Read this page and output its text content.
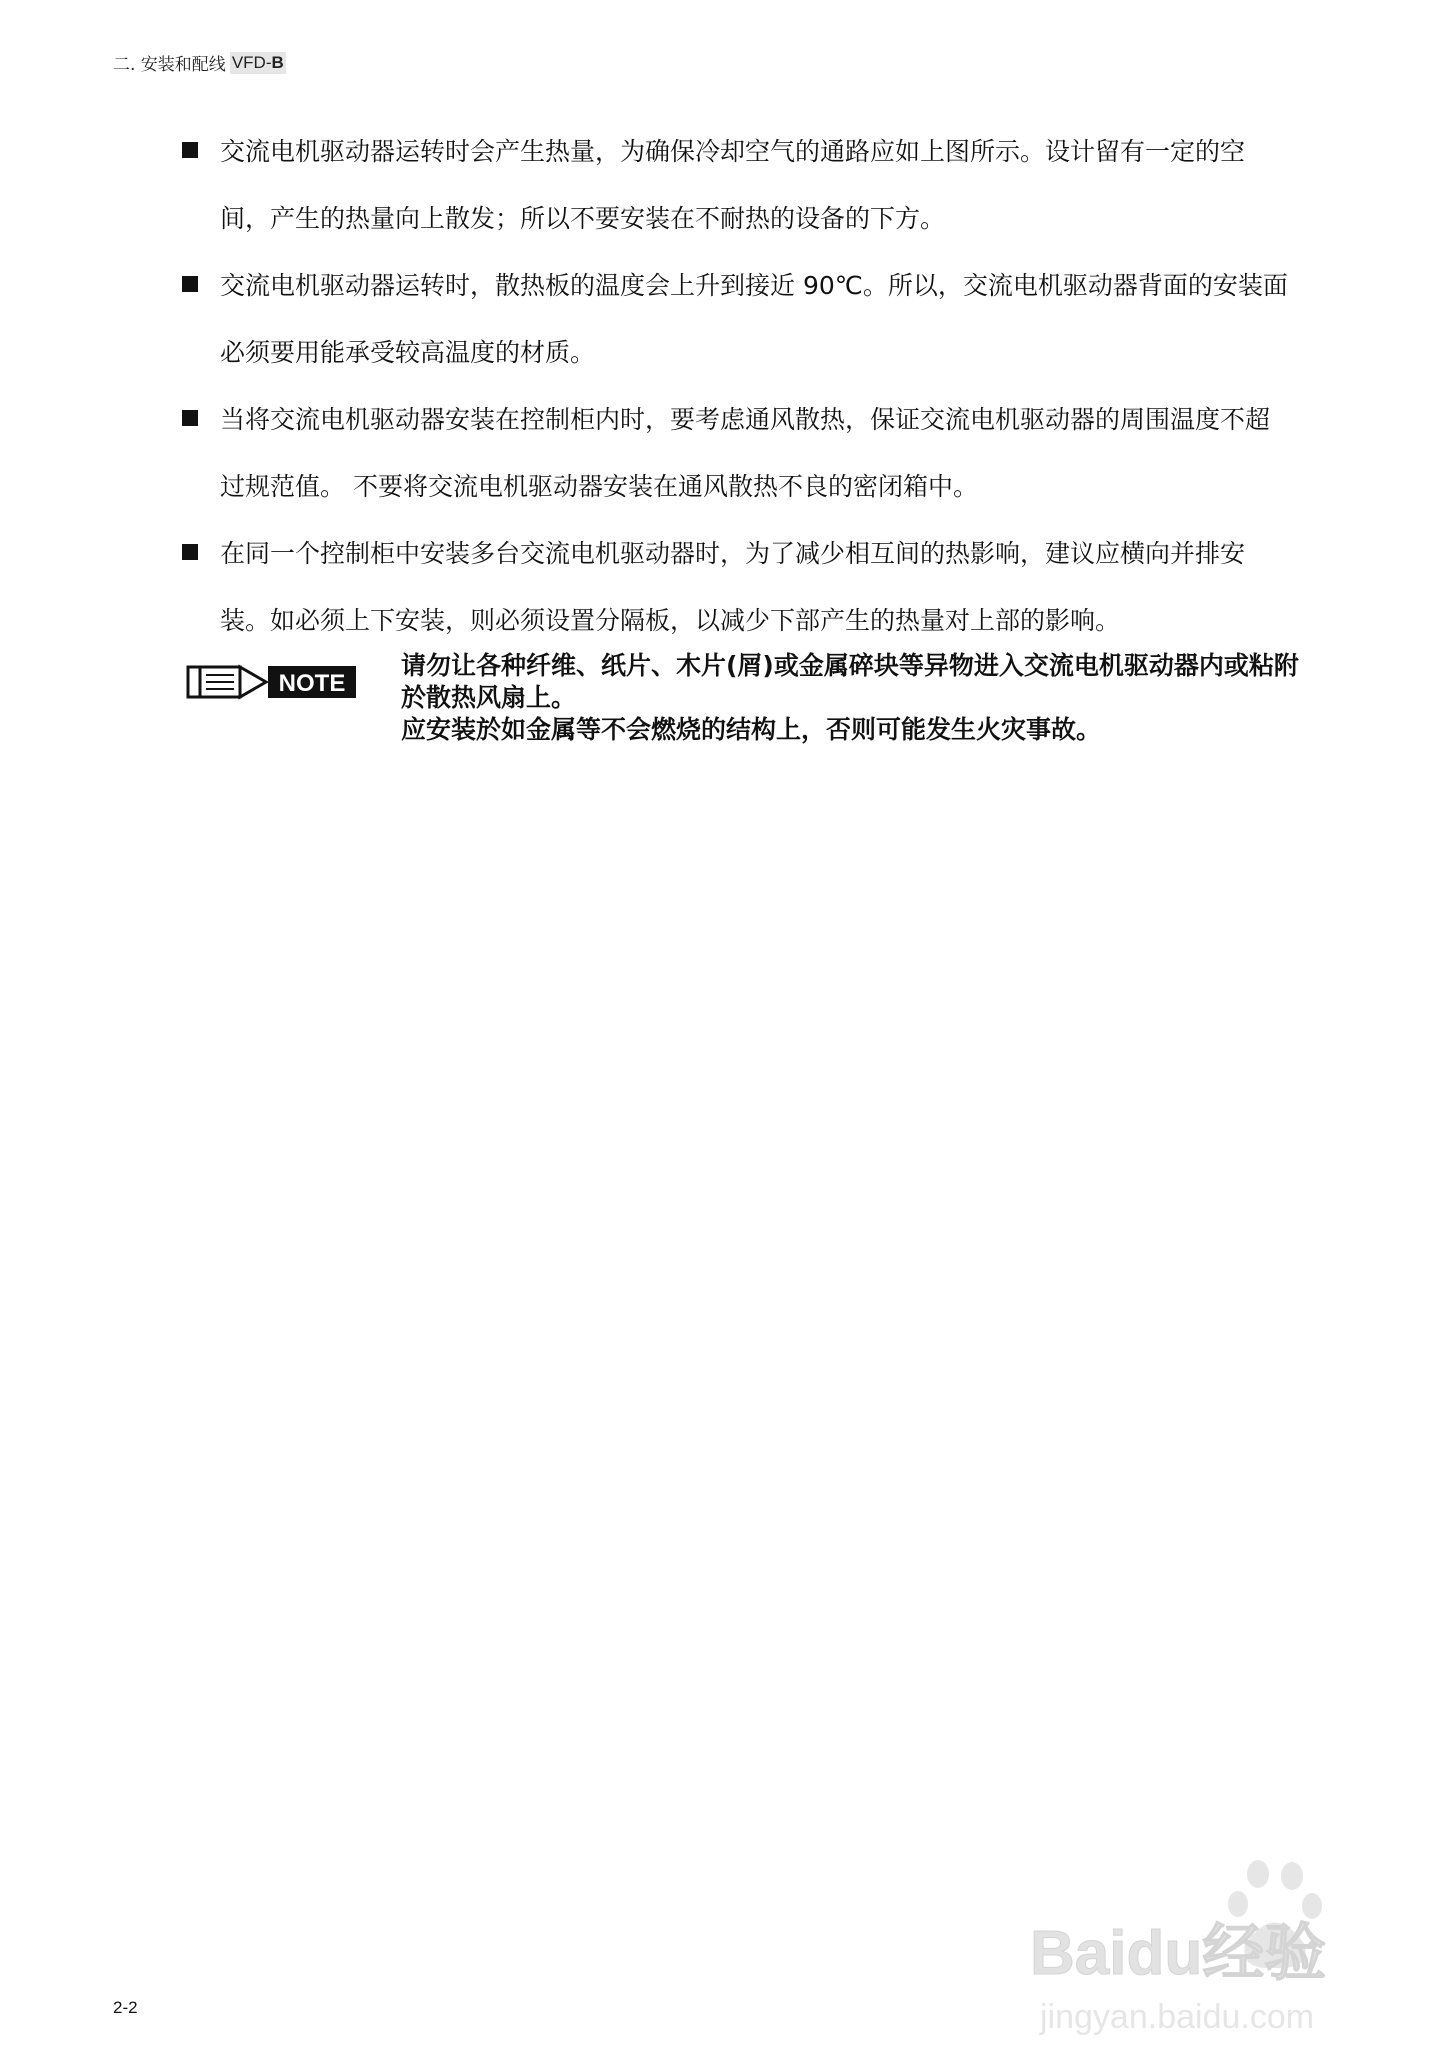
二. 安装和配线 VFD-B
交流电机驱动器运转时会产生热量，为确保冷却空气的通路应如上图所示。设计留有一定的空
间，产生的热量向上散发；所以不要安装在不耐热的设备的下方。
交流电机驱动器运转时，散热板的温度会上升到接近 90℃。所以，交流电机驱动器背面的安装面
必须要用能承受较高温度的材质。
当将交流电机驱动器安装在控制柜内时，要考虑通风散热，保证交流电机驱动器的周围温度不超
过规范值。 不要将交流电机驱动器安装在通风散热不良的密闭箱中。
在同一个控制柜中安装多台交流电机驱动器时，为了减少相互间的热影响，建议应横向并排安
装。如必须上下安装，则必须设置分隔板，以减少下部产生的热量对上部的影响。
NOTE
请勿让各种纤维、纸片、木片(屑)或金属碎块等异物进入交流电机驱动器内或粘附
於散热风扇上。
应安装於如金属等不会燃烧的结构上，否则可能发生火灾事故。
2-2
Baidu经验
jingyan.baidu.com
